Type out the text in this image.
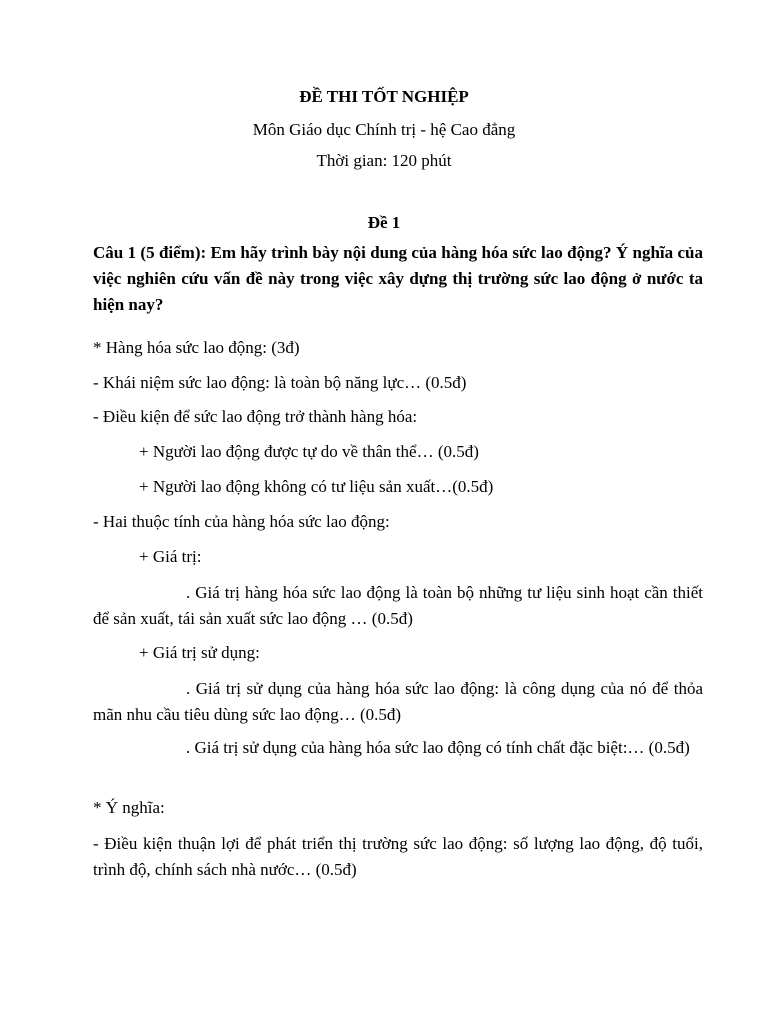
ĐỀ THI TỐT NGHIỆP
Môn Giáo dục Chính trị - hệ Cao đẳng
Thời gian: 120 phút
Đề 1
Câu 1 (5 điểm): Em hãy trình bày nội dung của hàng hóa sức lao động? Ý nghĩa của việc nghiên cứu vấn đề này trong việc xây dựng thị trường sức lao động ở nước ta hiện nay?
* Hàng hóa sức lao động: (3đ)
- Khái niệm sức lao động: là toàn bộ năng lực… (0.5đ)
- Điều kiện để sức lao động trở thành hàng hóa:
+ Người lao động được tự do về thân thể… (0.5đ)
+ Người lao động không có tư liệu sản xuất…(0.5đ)
- Hai thuộc tính của hàng hóa sức lao động:
+ Giá trị:
. Giá trị hàng hóa sức lao động là toàn bộ những tư liệu sinh hoạt cần thiết để sản xuất, tái sản xuất sức lao động … (0.5đ)
+ Giá trị sử dụng:
. Giá trị sử dụng của hàng hóa sức lao động: là công dụng của nó để thỏa mãn nhu cầu tiêu dùng sức lao động… (0.5đ)
. Giá trị sử dụng của hàng hóa sức lao động có tính chất đặc biệt:… (0.5đ)
* Ý nghĩa:
- Điều kiện thuận lợi để phát triển thị trường sức lao động: số lượng lao động, độ tuổi, trình độ, chính sách nhà nước… (0.5đ)
